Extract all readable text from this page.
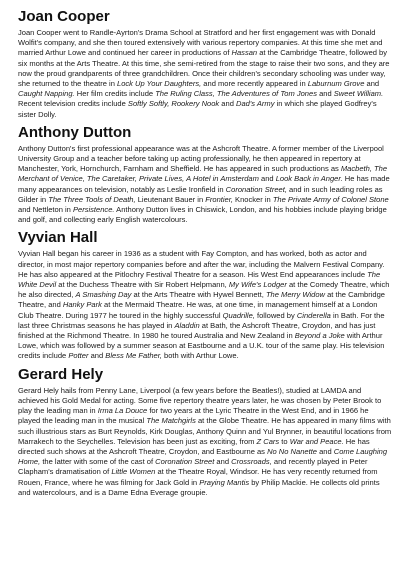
Joan Cooper

Joan Cooper went to Randle-Ayrton's Drama School at Stratford and her first engagement was with Donald Wolfit's company, and she then toured extensively with various repertory companies. At this time she met and married Arthur Lowe and continued her career in productions of Hassan at the Cambridge Theatre, followed by six months at the Arts Theatre. At this time, she semi-retired from the stage to raise their two sons, and they are now the proud grandparents of three grandchildren. Once their children's secondary schooling was under way, she returned to the theatre in Lock Up Your Daughters, and more recently appeared in Laburnum Grove and Caught Napping. Her film credits include The Ruling Class, The Adventures of Tom Jones and Sweet William. Recent television credits include Softly Softly, Rookery Nook and Dad's Army in which she played Godfrey's sister Dolly.

Anthony Dutton

Anthony Dutton's first professional appearance was at the Ashcroft Theatre. A former member of the Liverpool University Group and a teacher before taking up acting professionally, he then appeared in repertory at Manchester, York, Hornchurch, Farnham and Sheffield. He has appeared in such productions as Macbeth, The Merchant of Venice, The Caretaker, Private Lives, A Hotel in Amsterdam and Look Back in Anger. He has made many appearances on television, notably as Leslie Ironfield in Coronation Street, and in such leading roles as Gilder in The Three Tools of Death, Lieutenant Bauer in Frontier, Knocker in The Private Army of Colonel Stone and Nettleton in Persistence. Anthony Dutton lives in Chiswick, London, and his hobbies include playing bridge and golf, and collecting early English watercolours.

Vyvian Hall

Vyvian Hall began his career in 1936 as a student with Fay Compton, and has worked, both as actor and director, in most major repertory companies before and after the war, including the Malvern Festival Company. He has also appeared at the Pitlochry Festival Theatre for a season. His West End appearances include The White Devil at the Duchess Theatre with Sir Robert Helpmann, My Wife's Lodger at the Comedy Theatre, which he also directed, A Smashing Day at the Arts Theatre with Hywel Bennett, The Merry Widow at the Cambridge Theatre, and Hanky Park at the Mermaid Theatre. He was, at one time, in management himself at a London Club Theatre. During 1977 he toured in the highly successful Quadrille, followed by Cinderella in Bath. For the last three Christmas seasons he has played in Aladdin at Bath, the Ashcroft Theatre, Croydon, and has just finished at the Richmond Theatre. In 1980 he toured Australia and New Zealand in Beyond a Joke with Arthur Lowe, which was followed by a summer season at Eastbourne and a U.K. tour of the same play. His television credits include Potter and Bless Me Father, both with Arthur Lowe.

Gerard Hely

Gerard Hely hails from Penny Lane, Liverpool (a few years before the Beatles!), studied at LAMDA and achieved his Gold Medal for acting. Some five repertory theatre years later, he was chosen by Peter Brook to play the leading man in Irma La Douce for two years at the Lyric Theatre in the West End, and in 1966 he played the leading man in the musical The Matchgirls at the Globe Theatre. He has appeared in many films with such illustrious stars as Burt Reynolds, Kirk Douglas, Anthony Quinn and Yul Brynner, in beautiful locations from Marrakech to the Seychelles. Television has been just as exciting, from Z Cars to War and Peace. He has directed such shows at the Ashcroft Theatre, Croydon, and Eastbourne as No No Nanette and Come Laughing Home, the latter with some of the cast of Coronation Street and Crossroads, and recently played in Peter Clapham's dramatisation of Little Women at the Theatre Royal, Windsor. He has very recently returned from Rouen, France, where he was filming for Jack Gold in Praying Mantis by Philip Mackie. He collects old prints and watercolours, and is a Dame Edna Everage groupie.
